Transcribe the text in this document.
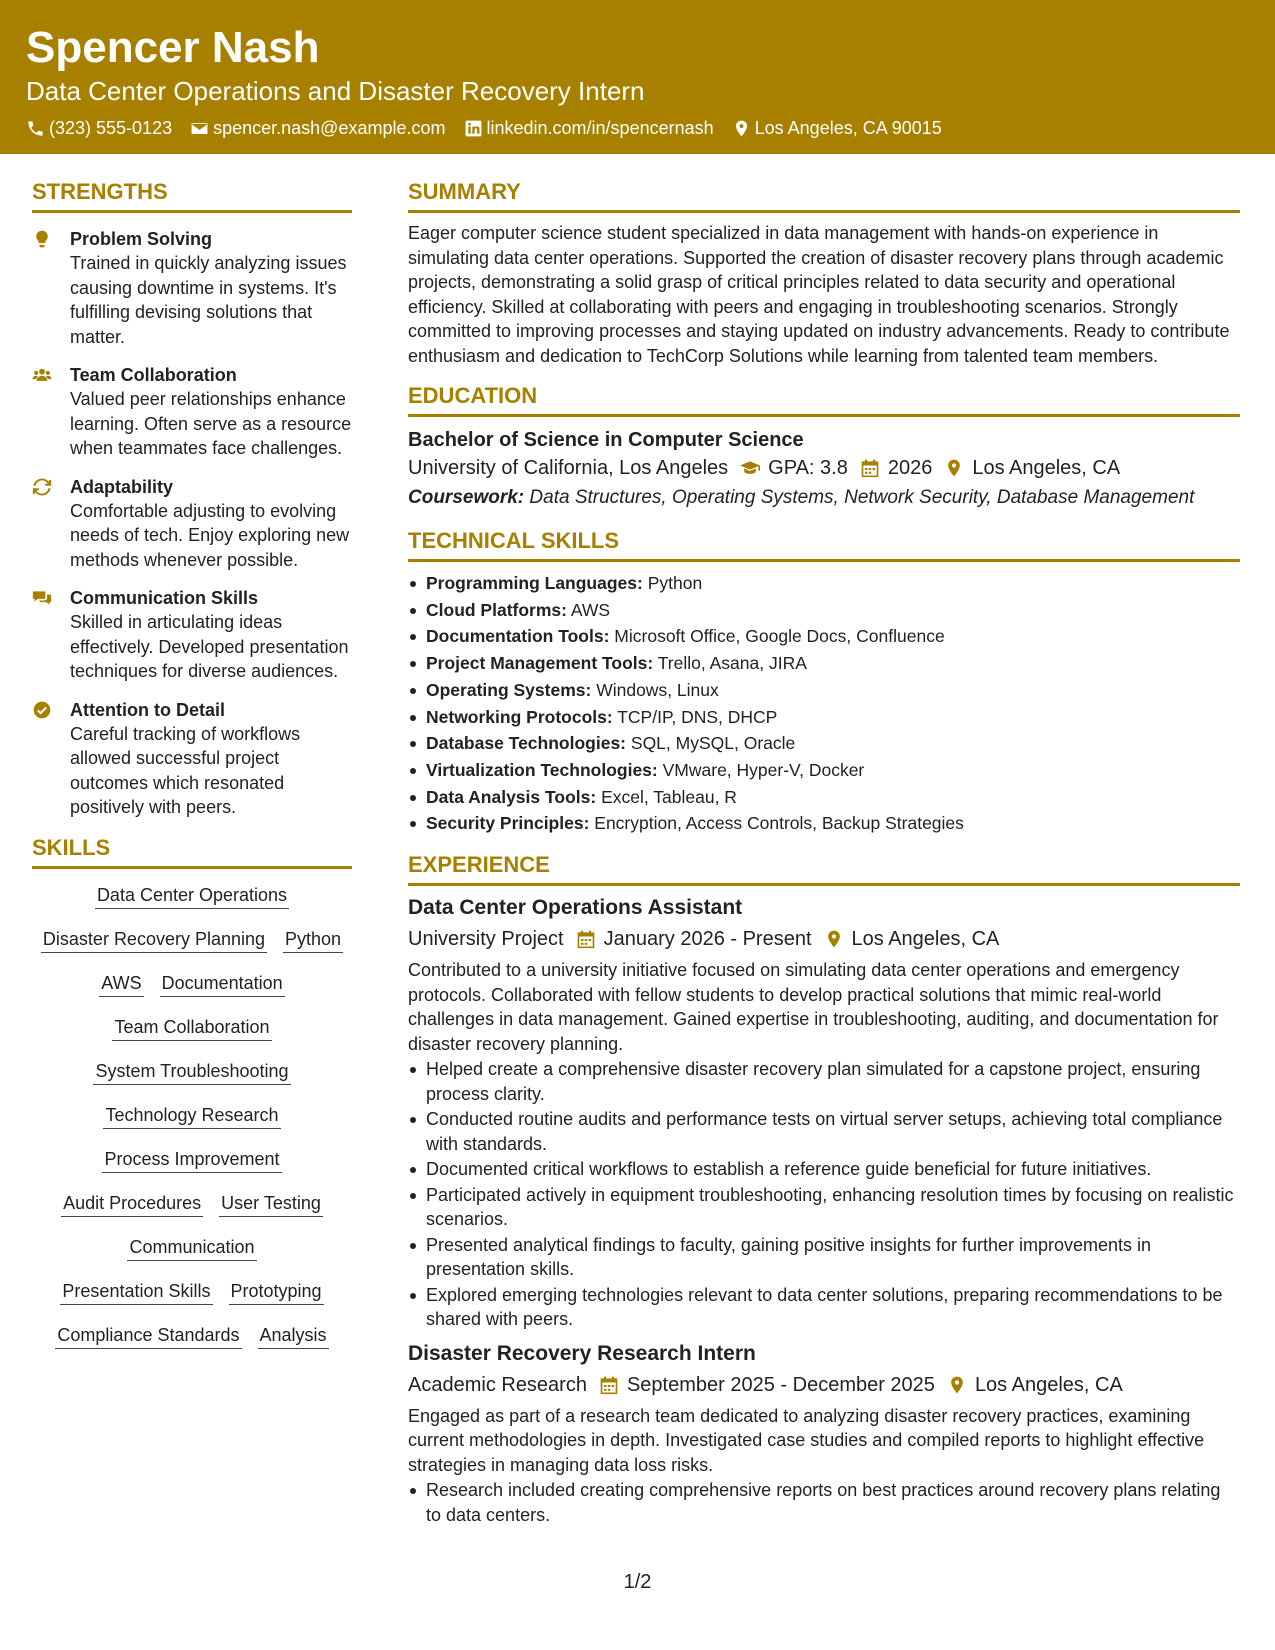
Spencer Nash
Data Center Operations and Disaster Recovery Intern
(323) 555-0123 spencer.nash@example.com linkedin.com/in/spencernash Los Angeles, CA 90015
STRENGTHS
Problem Solving
Trained in quickly analyzing issues causing downtime in systems. It's fulfilling devising solutions that matter.
Team Collaboration
Valued peer relationships enhance learning. Often serve as a resource when teammates face challenges.
Adaptability
Comfortable adjusting to evolving needs of tech. Enjoy exploring new methods whenever possible.
Communication Skills
Skilled in articulating ideas effectively. Developed presentation techniques for diverse audiences.
Attention to Detail
Careful tracking of workflows allowed successful project outcomes which resonated positively with peers.
SKILLS
Data Center Operations
Disaster Recovery Planning Python
AWS Documentation
Team Collaboration
System Troubleshooting
Technology Research
Process Improvement
Audit Procedures User Testing
Communication
Presentation Skills Prototyping
Compliance Standards Analysis
SUMMARY
Eager computer science student specialized in data management with hands-on experience in simulating data center operations. Supported the creation of disaster recovery plans through academic projects, demonstrating a solid grasp of critical principles related to data security and operational efficiency. Skilled at collaborating with peers and engaging in troubleshooting scenarios. Strongly committed to improving processes and staying updated on industry advancements. Ready to contribute enthusiasm and dedication to TechCorp Solutions while learning from talented team members.
EDUCATION
Bachelor of Science in Computer Science
University of California, Los Angeles GPA: 3.8 2026 Los Angeles, CA
Coursework: Data Structures, Operating Systems, Network Security, Database Management
TECHNICAL SKILLS
Programming Languages: Python
Cloud Platforms: AWS
Documentation Tools: Microsoft Office, Google Docs, Confluence
Project Management Tools: Trello, Asana, JIRA
Operating Systems: Windows, Linux
Networking Protocols: TCP/IP, DNS, DHCP
Database Technologies: SQL, MySQL, Oracle
Virtualization Technologies: VMware, Hyper-V, Docker
Data Analysis Tools: Excel, Tableau, R
Security Principles: Encryption, Access Controls, Backup Strategies
EXPERIENCE
Data Center Operations Assistant
University Project January 2026 - Present Los Angeles, CA
Contributed to a university initiative focused on simulating data center operations and emergency protocols. Collaborated with fellow students to develop practical solutions that mimic real-world challenges in data management. Gained expertise in troubleshooting, auditing, and documentation for disaster recovery planning.
Helped create a comprehensive disaster recovery plan simulated for a capstone project, ensuring process clarity.
Conducted routine audits and performance tests on virtual server setups, achieving total compliance with standards.
Documented critical workflows to establish a reference guide beneficial for future initiatives.
Participated actively in equipment troubleshooting, enhancing resolution times by focusing on realistic scenarios.
Presented analytical findings to faculty, gaining positive insights for further improvements in presentation skills.
Explored emerging technologies relevant to data center solutions, preparing recommendations to be shared with peers.
Disaster Recovery Research Intern
Academic Research September 2025 - December 2025 Los Angeles, CA
Engaged as part of a research team dedicated to analyzing disaster recovery practices, examining current methodologies in depth. Investigated case studies and compiled reports to highlight effective strategies in managing data loss risks.
Research included creating comprehensive reports on best practices around recovery plans relating to data centers.
1/2
